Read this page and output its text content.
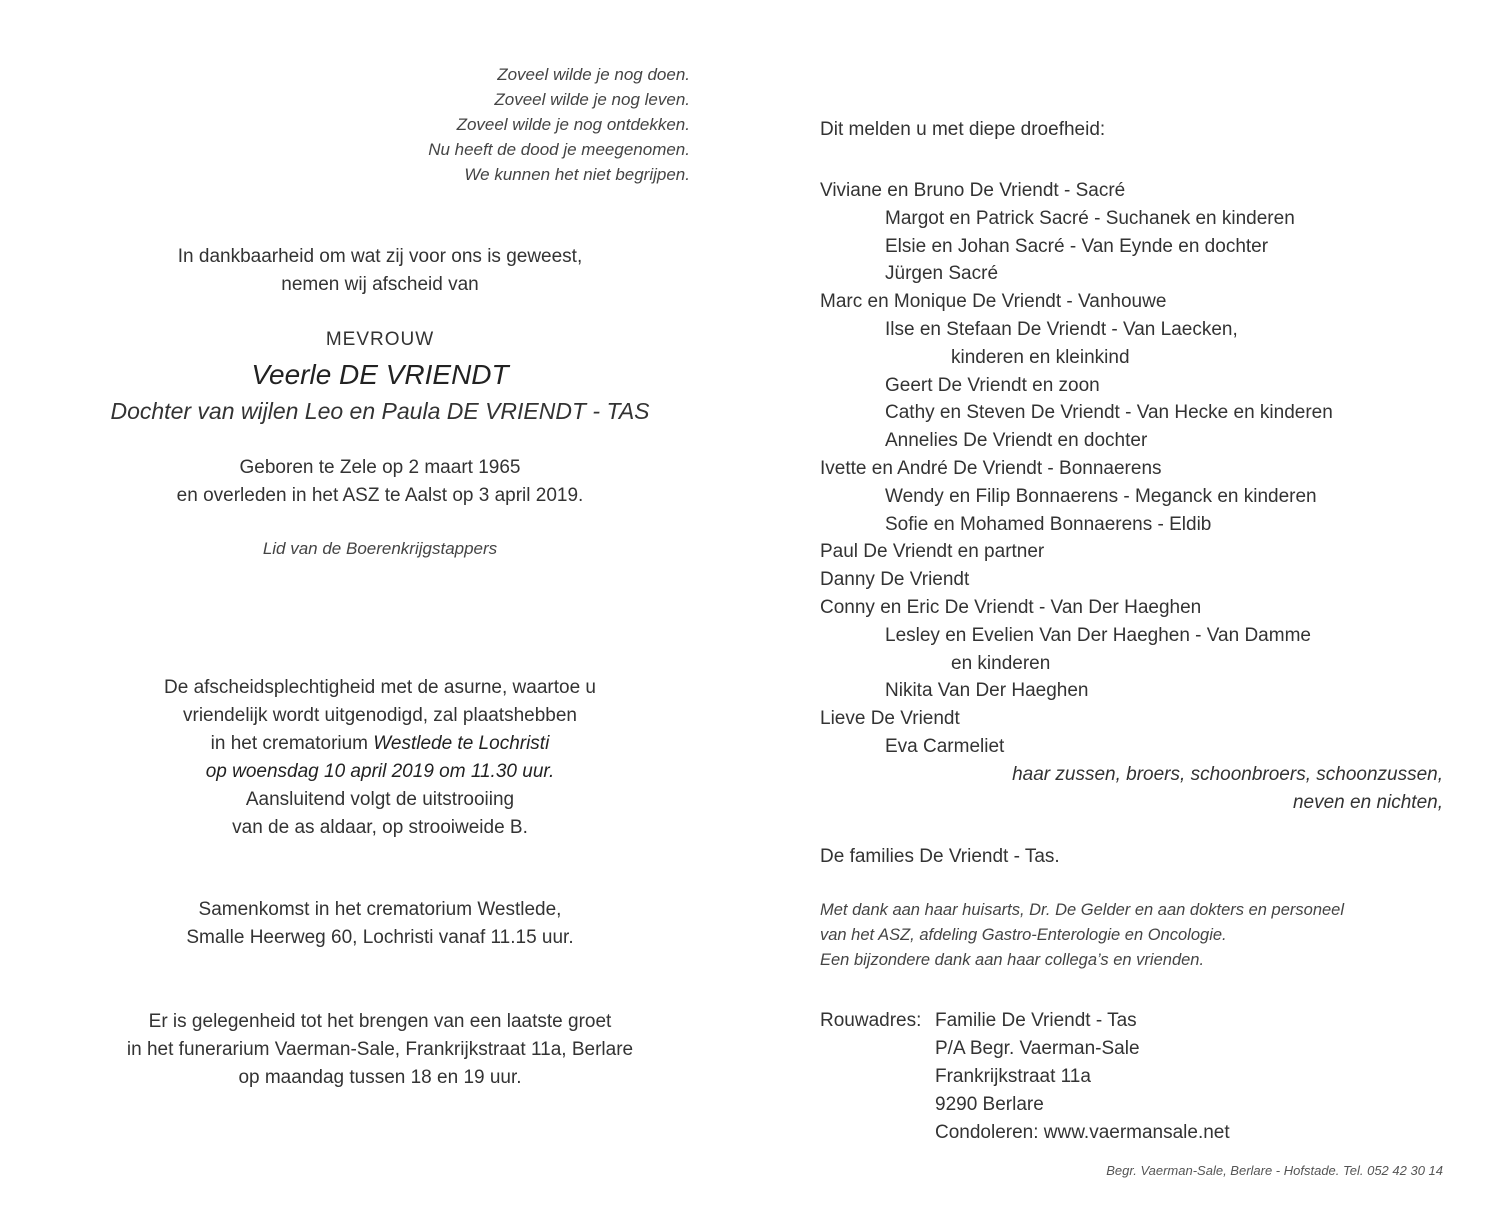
Zoveel wilde je nog doen.
Zoveel wilde je nog leven.
Zoveel wilde je nog ontdekken.
Nu heeft de dood je meegenomen.
We kunnen het niet begrijpen.
In dankbaarheid om wat zij voor ons is geweest,
nemen wij afscheid van
MEVROUW
Veerle DE VRIENDT
Dochter van wijlen Leo en Paula DE VRIENDT - TAS
Geboren te Zele op 2 maart 1965
en overleden in het ASZ te Aalst op 3 april 2019.
Lid van de Boerenkrijgstappers
De afscheidsplechtigheid met de asurne, waartoe u
vriendelijk wordt uitgenodigd, zal plaatshebben
in het crematorium Westlede te Lochristi
op woensdag 10 april 2019 om 11.30 uur.
Aansluitend volgt de uitstrooiing
van de as aldaar, op strooiweide B.
Samenkomst in het crematorium Westlede,
Smalle Heerweg 60, Lochristi vanaf 11.15 uur.
Er is gelegenheid tot het brengen van een laatste groet
in het funerarium Vaerman-Sale, Frankrijkstraat 11a, Berlare
op maandag tussen 18 en 19 uur.
Dit melden u met diepe droefheid:
Viviane en Bruno De Vriendt - Sacré
Margot en Patrick Sacré - Suchanek en kinderen
Elsie en Johan Sacré - Van Eynde en dochter
Jürgen Sacré
Marc en Monique De Vriendt - Vanhouwe
Ilse en Stefaan De Vriendt - Van Laecken,
kinderen en kleinkind
Geert De Vriendt en zoon
Cathy en Steven De Vriendt - Van Hecke en kinderen
Annelies De Vriendt en dochter
Ivette en André De Vriendt - Bonnaerens
Wendy en Filip Bonnaerens - Meganck en kinderen
Sofie en Mohamed Bonnaerens - Eldib
Paul De Vriendt en partner
Danny De Vriendt
Conny en Eric De Vriendt - Van Der Haeghen
Lesley en Evelien Van Der Haeghen - Van Damme
en kinderen
Nikita Van Der Haeghen
Lieve De Vriendt
Eva Carmeliet
haar zussen, broers, schoonbroers, schoonzussen,
neven en nichten,
De families De Vriendt - Tas.
Met dank aan haar huisarts, Dr. De Gelder en aan dokters en personeel
van het ASZ, afdeling Gastro-Enterologie en Oncologie.
Een bijzondere dank aan haar collega’s en vrienden.
Rouwadres: Familie De Vriendt - Tas
P/A Begr. Vaerman-Sale
Frankrijkstraat 11a
9290 Berlare
Condoleren: www.vaermansale.net
Begr. Vaerman-Sale, Berlare - Hofstade. Tel. 052 42 30 14
